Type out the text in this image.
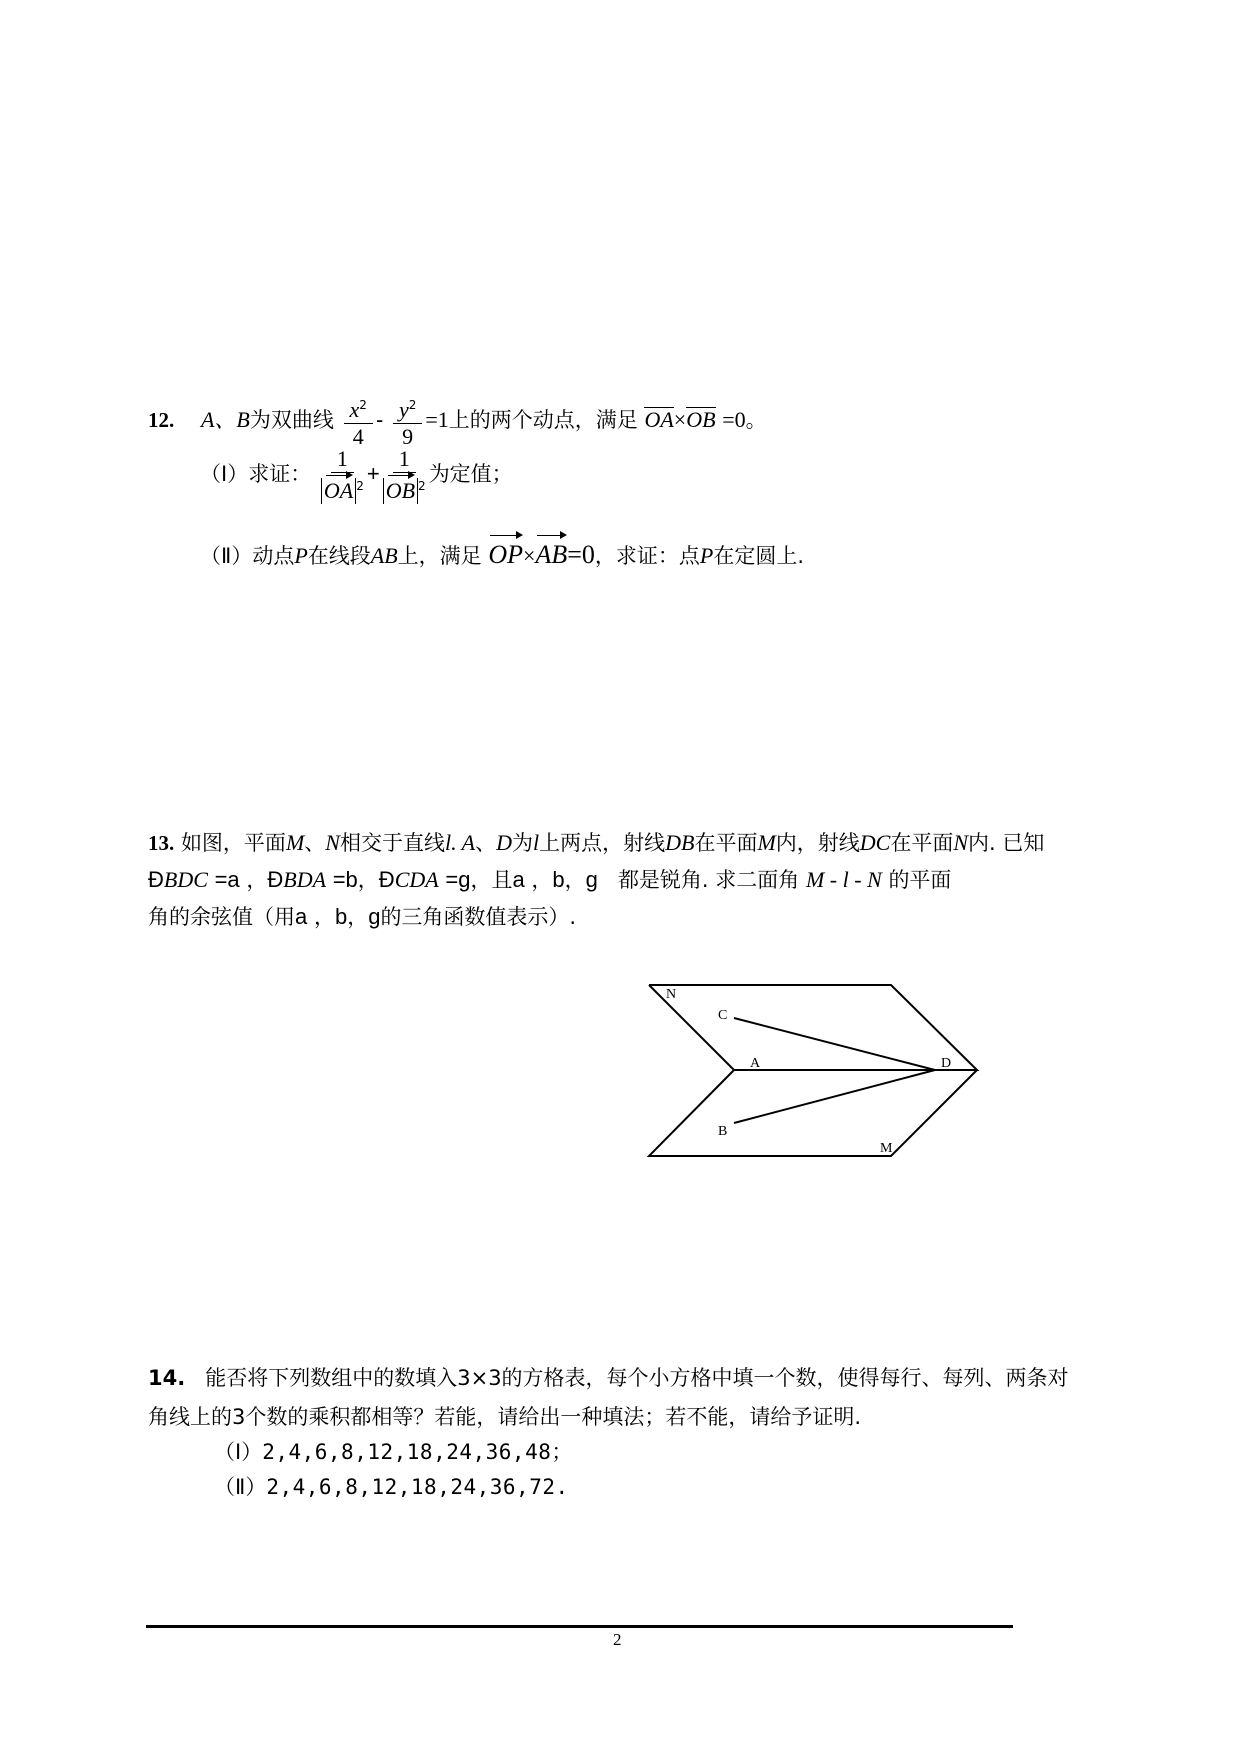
12. A、B为双曲线 $\frac{x^2}{4} - \frac{y^2}{9} =1$上的两个动点，满足 OA×OB =0。
（Ⅰ）求证： $\frac{1}{OA ^2} + \frac{1}{OB ^2}$ 为定值；
（Ⅱ）动点P在线段AB上，满足 OP×AB=0，求证：点P在定圆上.
13. 如图，平面M、N相交于直线l. A、D为l上两点，射线DB在平面M内，射线DC在平面N内. 已知
ÐBDC =a ，ÐBDA =b，ÐCDA =g，且a ，b，g 都是锐角. 求二面角 M - l - N 的平面
角的余弦值（用a ，b，g的三角函数值表示）.
N
C
A	D
B
M
14. 能否将下列数组中的数填入3×3的方格表，每个小方格中填一个数，使得每行、每列、两条对
角线上的3个数的乘积都相等？若能，请给出一种填法；若不能，请给予证明.
（Ⅰ）2,4,6,8,12,18,24,36,48；
（Ⅱ）2,4,6,8,12,18,24,36,72.
2
